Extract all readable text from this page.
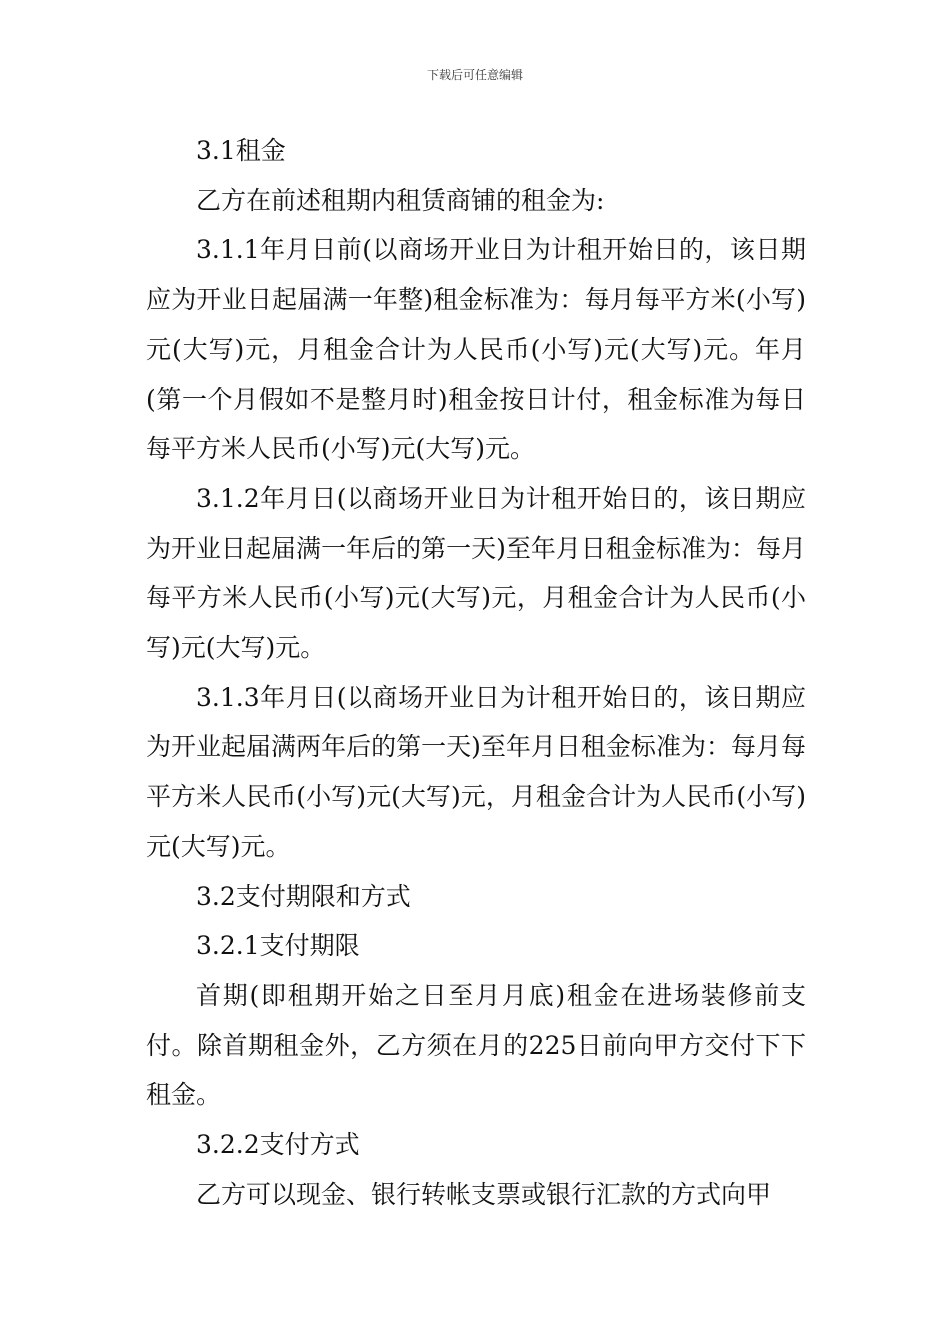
下载后可任意编辑

3.1租金

乙方在前述租期内租赁商铺的租金为:

3.1.1年月日前(以商场开业日为计租开始日的，该日期应为开业日起届满一年整)租金标准为：每月每平方米(小写)元(大写)元，月租金合计为人民币(小写)元(大写)元。年月(第一个月假如不是整月时)租金按日计付，租金标准为每日每平方米人民币(小写)元(大写)元。

3.1.2年月日(以商场开业日为计租开始日的，该日期应为开业日起届满一年后的第一天)至年月日租金标准为：每月每平方米人民币(小写)元(大写)元，月租金合计为人民币(小写)元(大写)元。

3.1.3年月日(以商场开业日为计租开始日的，该日期应为开业起届满两年后的第一天)至年月日租金标准为：每月每平方米人民币(小写)元(大写)元，月租金合计为人民币(小写)元(大写)元。

3.2支付期限和方式

3.2.1支付期限

首期(即租期开始之日至月月底)租金在进场装修前支付。除首期租金外，乙方须在月的225日前向甲方交付下下租金。

3.2.2支付方式

乙方可以现金、银行转帐支票或银行汇款的方式向甲
